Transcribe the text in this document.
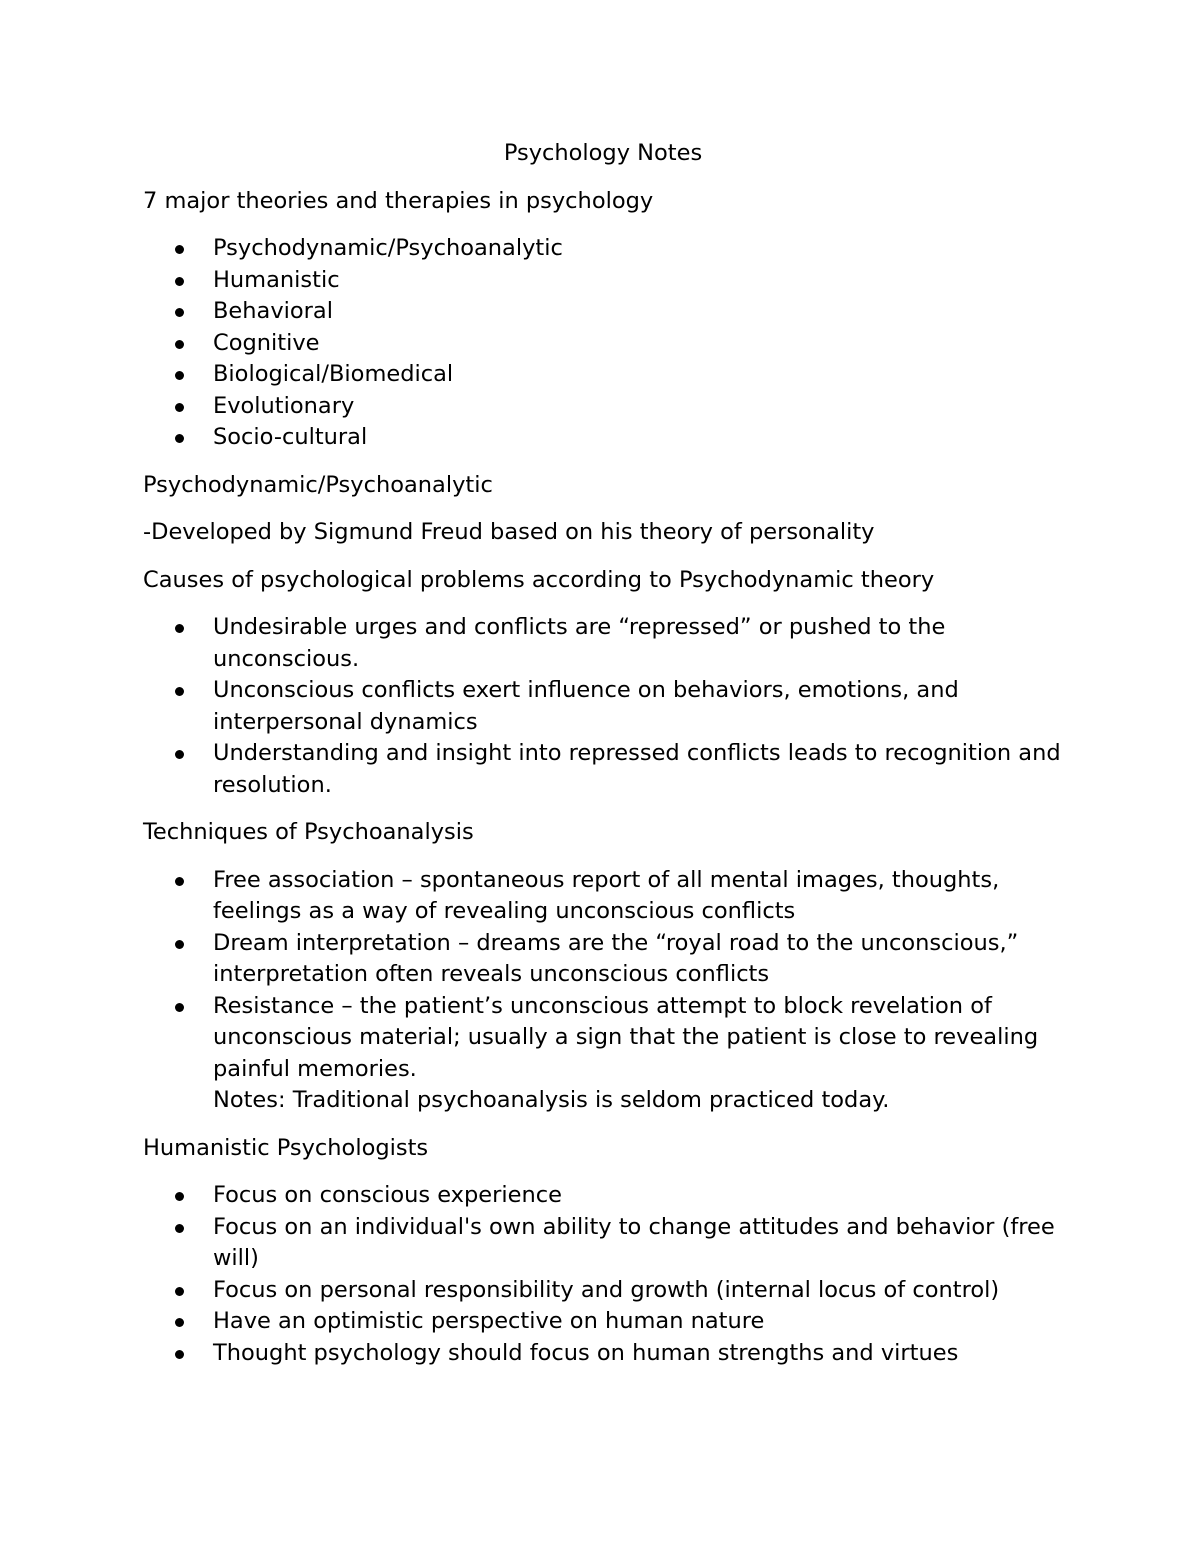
Psychology Notes
7 major theories and therapies in psychology
Psychodynamic/Psychoanalytic
Humanistic
Behavioral
Cognitive
Biological/Biomedical
Evolutionary
Socio-cultural
Psychodynamic/Psychoanalytic
-Developed by Sigmund Freud based on his theory of personality
Causes of psychological problems according to Psychodynamic theory
Undesirable urges and conflicts are “repressed” or pushed to the unconscious.
Unconscious conflicts exert influence on behaviors, emotions, and interpersonal dynamics
Understanding and insight into repressed conflicts leads to recognition and resolution.
Techniques of Psychoanalysis
Free association – spontaneous report of all mental images, thoughts, feelings as a way of revealing unconscious conflicts
Dream interpretation – dreams are the “royal road to the unconscious,” interpretation often reveals unconscious conflicts
Resistance – the patient’s unconscious attempt to block revelation of unconscious material; usually a sign that the patient is close to revealing painful memories.
Notes: Traditional psychoanalysis is seldom practiced today.
Humanistic Psychologists
Focus on conscious experience
Focus on an individual's own ability to change attitudes and behavior (free will)
Focus on personal responsibility and growth (internal locus of control)
Have an optimistic perspective on human nature
Thought psychology should focus on human strengths and virtues
